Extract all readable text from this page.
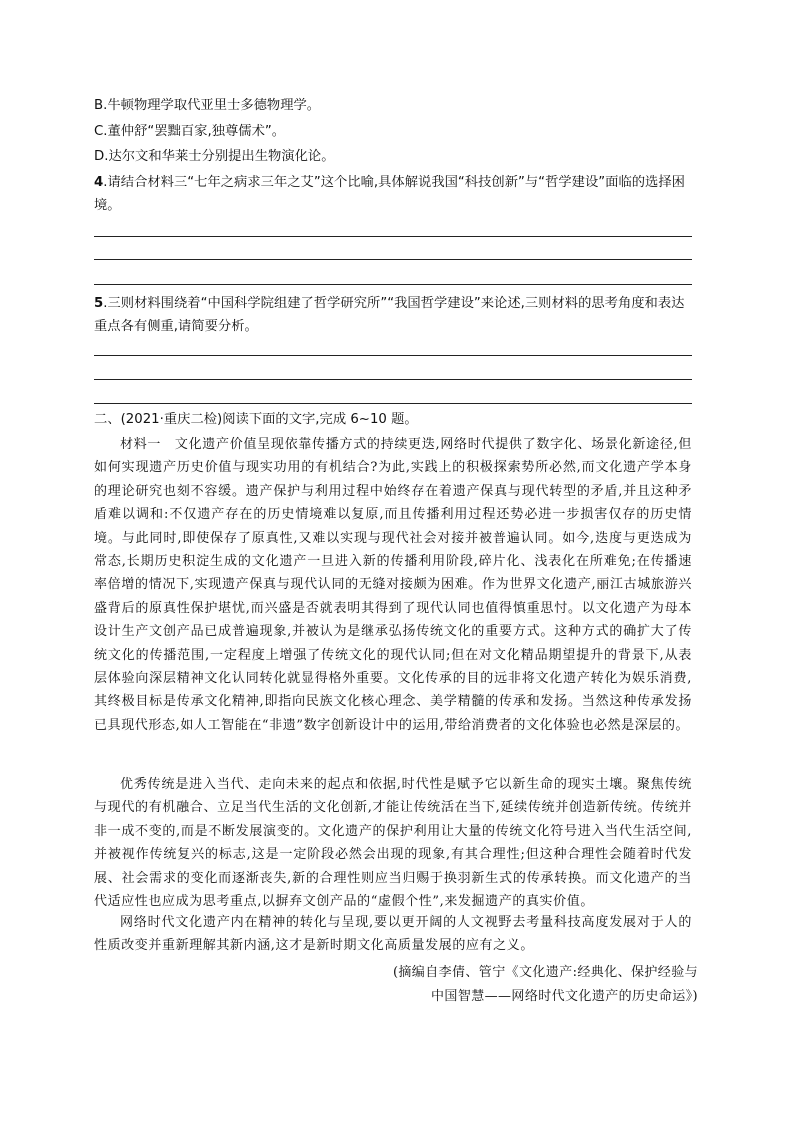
B.牛顿物理学取代亚里士多德物理学。
C.董仲舒“罢黜百家,独尊儒术”。
D.达尔文和华莱士分别提出生物演化论。
4.请结合材料三“七年之病求三年之艾”这个比喻,具体解说我国“科技创新”与“哲学建设”面临的选择困境。
5.三则材料围绕着“中国科学院组建了哲学研究所”“我国哲学建设”来论述,三则材料的思考角度和表达重点各有侧重,请简要分析。
二、(2021·重庆二检)阅读下面的文字,完成 6~10 题。
材料一　文化遗产价值呈现依靠传播方式的持续更迭,网络时代提供了数字化、场景化新途径,但如何实现遗产历史价值与现实功用的有机结合?为此,实践上的积极探索势所必然,而文化遗产学本身的理论研究也刻不容缓。遗产保护与利用过程中始终存在着遗产保真与现代转型的矛盾,并且这种矛盾难以调和:不仅遗产存在的历史情境难以复原,而且传播利用过程还势必进一步损害仅存的历史情境。与此同时,即使保存了原真性,又难以实现与现代社会对接并被普遍认同。如今,迭度与更迭成为常态,长期历史积淀生成的文化遗产一旦进入新的传播利用阶段,碎片化、浅表化在所难免;在传播速率倍增的情况下,实现遗产保真与现代认同的无缝对接颇为困难。作为世界文化遗产,丽江古城旅游兴盛背后的原真性保护堪忧,而兴盛是否就表明其得到了现代认同也值得慎重思忖。以文化遗产为母本设计生产文创产品已成普遍现象,并被认为是继承弘扬传统文化的重要方式。这种方式的确扩大了传统文化的传播范围,一定程度上增强了传统文化的现代认同;但在对文化精品期望提升的背景下,从表层体验向深层精神文化认同转化就显得格外重要。文化传承的目的远非将文化遗产转化为娱乐消费,其终极目标是传承文化精神,即指向民族文化核心理念、美学精髓的传承和发扬。当然这种传承发扬已具现代形态,如人工智能在“非遗”数字创新设计中的运用,带给消费者的文化体验也必然是深层的。
优秀传统是进入当代、走向未来的起点和依据,时代性是赋予它以新生命的现实土壤。聚焦传统与现代的有机融合、立足当代生活的文化创新,才能让传统活在当下,延续传统并创造新传统。传统并非一成不变的,而是不断发展演变的。文化遗产的保护利用让大量的传统文化符号进入当代生活空间,并被视作传统复兴的标志,这是一定阶段必然会出现的现象,有其合理性;但这种合理性会随着时代发展、社会需求的变化而逐渐丧失,新的合理性则应当归赐于换羽新生式的传承转换。而文化遗产的当代适应性也应成为思考重点,以摒弃文创产品的“虚假个性”,来发掘遗产的真实价值。
网络时代文化遗产内在精神的转化与呈现,要以更开阔的人文视野去考量科技高度发展对于人的性质改变并重新理解其新内涵,这才是新时期文化高质量发展的应有之义。
(摘编自李倩、管宁《文化遗产:经典化、保护经验与
中国智慧——网络时代文化遗产的历史命运》)
